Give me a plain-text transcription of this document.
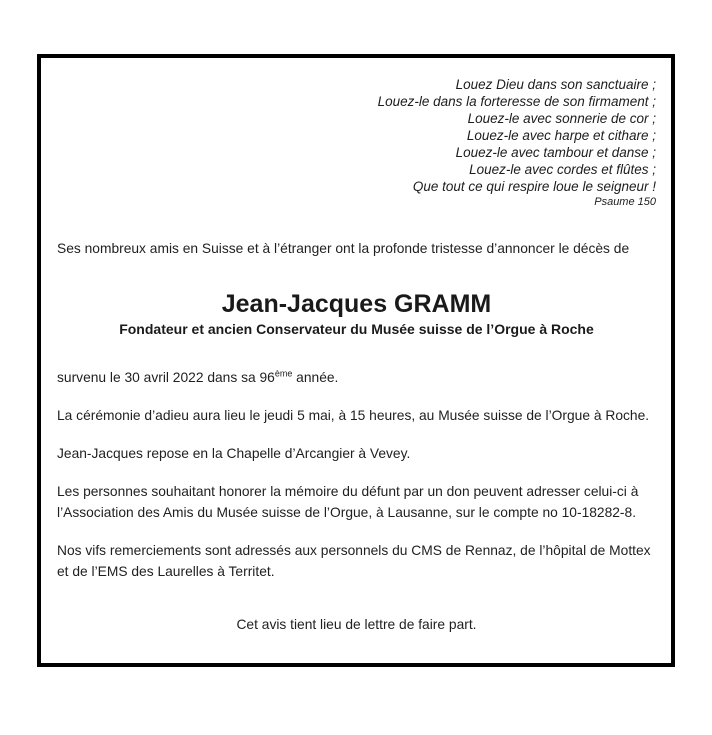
Louez Dieu dans son sanctuaire ;
Louez-le dans la forteresse de son firmament ;
Louez-le avec sonnerie de cor ;
Louez-le avec harpe et cithare ;
Louez-le avec tambour et danse ;
Louez-le avec cordes et flûtes ;
Que tout ce qui respire loue le seigneur !
Psaume 150
Ses nombreux amis en Suisse et à l’étranger ont la profonde tristesse d’annoncer le décès de
Jean-Jacques GRAMM
Fondateur et ancien Conservateur du Musée suisse de l’Orgue à Roche
survenu le 30 avril 2022 dans sa 96ème année.
La cérémonie d’adieu aura lieu le jeudi 5 mai, à 15 heures, au Musée suisse de l’Orgue à Roche.
Jean-Jacques repose en la Chapelle d’Arcangier à Vevey.
Les personnes souhaitant honorer la mémoire du défunt par un don peuvent adresser celui-ci à l’Association des Amis du Musée suisse de l’Orgue, à Lausanne, sur le compte no 10-18282-8.
Nos vifs remerciements sont adressés aux personnels du CMS de Rennaz, de l’hôpital de Mottex et de l’EMS des Laurelles à Territet.
Cet avis tient lieu de lettre de faire part.
